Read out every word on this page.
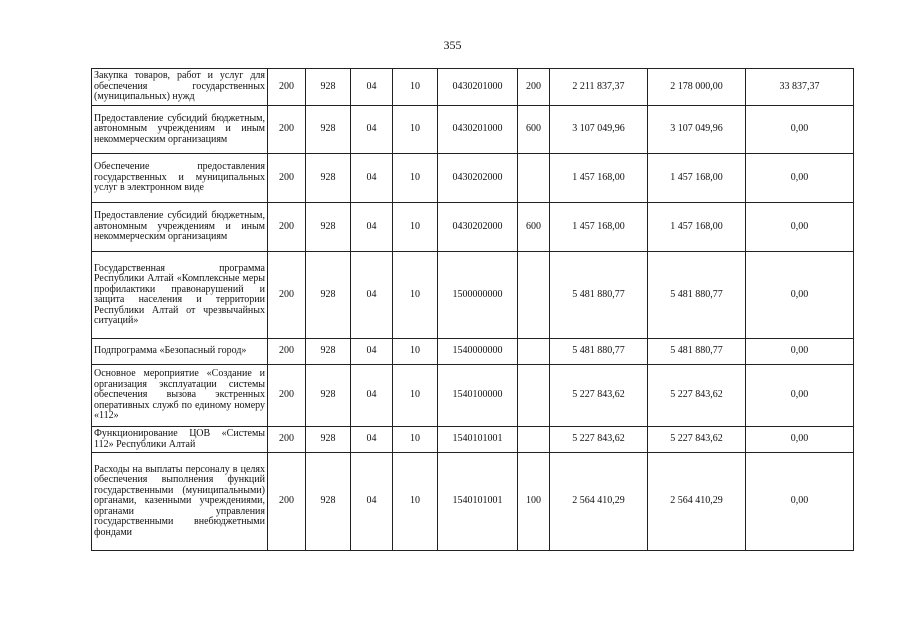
355
Закупка товаров, работ и услуг для обеспечения государственных (муниципальных) нужд	200	928	04	10	0430201000	200	2 211 837,37	2 178 000,00	33 837,37
Предоставление субсидий бюджетным, автономным учреждениям и иным некоммерческим организациям	200	928	04	10	0430201000	600	3 107 049,96	3 107 049,96	0,00
Обеспечение предоставления государственных и муниципальных услуг в электронном виде	200	928	04	10	0430202000		1 457 168,00	1 457 168,00	0,00
Предоставление субсидий бюджетным, автономным учреждениям и иным некоммерческим организациям	200	928	04	10	0430202000	600	1 457 168,00	1 457 168,00	0,00
Государственная программа Республики Алтай «Комплексные меры профилактики правонарушений и защита населения и территории Республики Алтай от чрезвычайных ситуаций»	200	928	04	10	1500000000		5 481 880,77	5 481 880,77	0,00
Подпрограмма «Безопасный город»	200	928	04	10	1540000000		5 481 880,77	5 481 880,77	0,00
Основное мероприятие «Создание и организация эксплуатации системы обеспечения вызова экстренных оперативных служб по единому номеру «112»	200	928	04	10	1540100000		5 227 843,62	5 227 843,62	0,00
Функционирование ЦОВ «Системы 112» Республики Алтай	200	928	04	10	1540101001		5 227 843,62	5 227 843,62	0,00
Расходы на выплаты персоналу в целях обеспечения выполнения функций государственными (муниципальными) органами, казенными учреждениями, органами управления государственными внебюджетными фондами	200	928	04	10	1540101001	100	2 564 410,29	2 564 410,29	0,00
